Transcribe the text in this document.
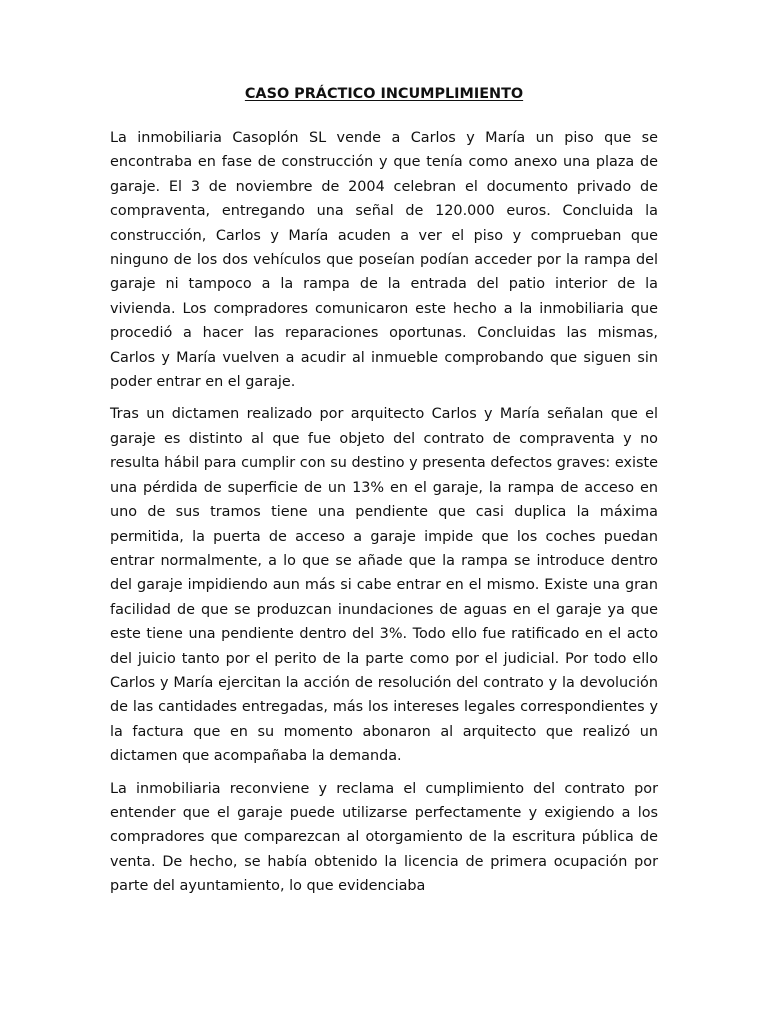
CASO PRÁCTICO INCUMPLIMIENTO

La inmobiliaria Casoplón SL vende a Carlos y María un piso que se encontraba en fase de construcción y que tenía como anexo una plaza de garaje. El 3 de noviembre de 2004 celebran el documento privado de compraventa, entregando una señal de 120.000 euros. Concluida la construcción, Carlos y María acuden a ver el piso y comprueban que ninguno de los dos vehículos que poseían podían acceder por la rampa del garaje ni tampoco a la rampa de la entrada del patio interior de la vivienda. Los compradores comunicaron este hecho a la inmobiliaria que procedió a hacer las reparaciones oportunas. Concluidas las mismas, Carlos y María vuelven a acudir al inmueble comprobando que siguen sin poder entrar en el garaje.

Tras un dictamen realizado por arquitecto Carlos y María señalan que el garaje es distinto al que fue objeto del contrato de compraventa y no resulta hábil para cumplir con su destino y presenta defectos graves: existe una pérdida de superficie de un 13% en el garaje, la rampa de acceso en uno de sus tramos tiene una pendiente que casi duplica la máxima permitida, la puerta de acceso a garaje impide que los coches puedan entrar normalmente, a lo que se añade que la rampa se introduce dentro del garaje impidiendo aun más si cabe entrar en el mismo. Existe una gran facilidad de que se produzcan inundaciones de aguas en el garaje ya que este tiene una pendiente dentro del 3%. Todo ello fue ratificado en el acto del juicio tanto por el perito de la parte como por el judicial. Por todo ello Carlos y María ejercitan la acción de resolución del contrato y la devolución de las cantidades entregadas, más los intereses legales correspondientes y la factura que en su momento abonaron al arquitecto que realizó un dictamen que acompañaba la demanda.

La inmobiliaria reconviene y reclama el cumplimiento del contrato por entender que el garaje puede utilizarse perfectamente y exigiendo a los compradores que comparezcan al otorgamiento de la escritura pública de venta. De hecho, se había obtenido la licencia de primera ocupación por parte del ayuntamiento, lo que evidenciaba
